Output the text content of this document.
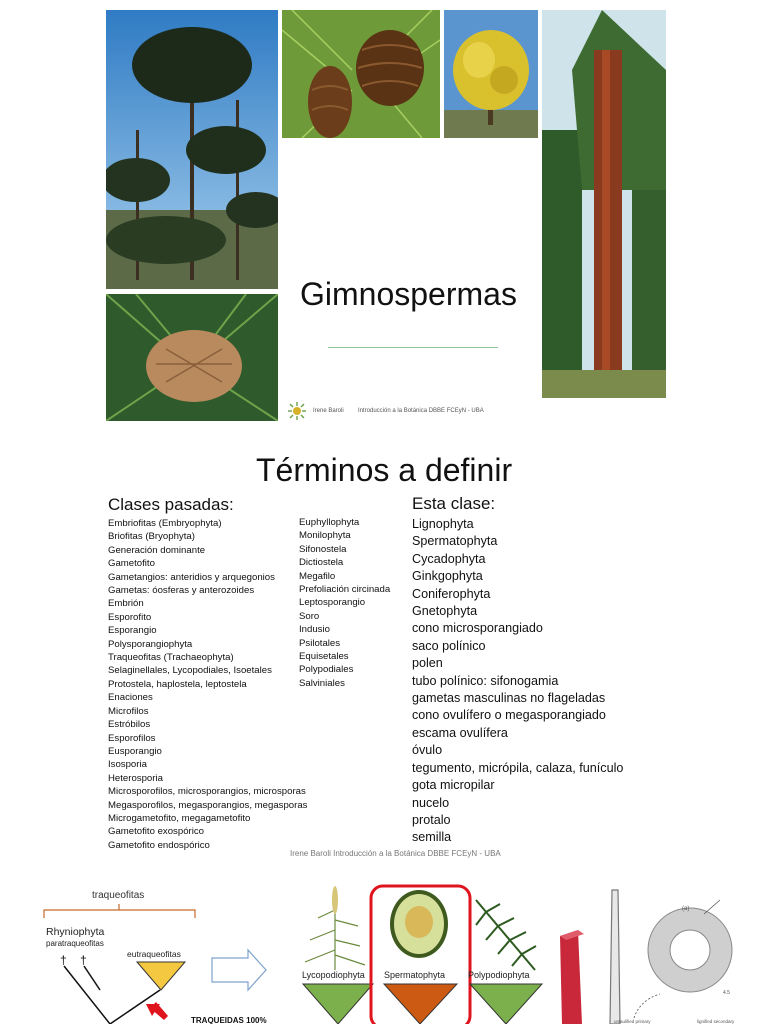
Gimnospermas
Irene Baroli Introducción a la Botánica DBBE FCEyN - UBA
Términos a definir
Clases pasadas:
Embriofitas (Embryophyta)
Briofitas (Bryophyta)
Generación dominante
Gametofito
Gametangios: anteridios y arquegonios
Gametas: óosferas y anterozoides
Embrión
Esporofito
Esporangio
Polysporangiophyta
Traqueofitas (Trachaeophyta)
Selaginellales, Lycopodiales, Isoetales
Protostela, haplostela, leptostela
Enaciones
Microfilos
Estróbilos
Esporofilos
Eusporangio
Isosporia
Heterosporia
Microsporofilos, microsporangios, microsporas
Megasporofilos, megasporangios, megasporas
Microgametofito, megagametofito
Gametofito exospórico
Gametofito endospórico
Euphyllophyta
Monilophyta
Sifonostela
Dictiostela
Megafilo
Prefoliación circinada
Leptosporangio
Soro
Indusio
Psilotales
Equisetales
Polypodiales
Salviniales
Esta clase:
Lignophyta
Spermatophyta
Cycadophyta
Ginkgophyta
Coniferophyta
Gnetophyta
cono microsporangiado
saco polínico
polen
tubo polínico: sifonogamia
gametas masculinas no flageladas
cono ovulífero o megasporangiado
escama ovulífera
óvulo
tegumento, micrópila, calaza, funículo
gota micropilar
nucelo
protalo
semilla
Irene Baroli Introducción a la Botánica DBBE FCEyN - UBA
traqueofitas
Rhyniophyta
paratraqueofitas
eutraqueofitas
† †
TRAQUEIDAS 100%
Lycopodiophyta Spermatophyta	Polypodiophyta
(a)
4.5
unlaulified primary	lignified secondary
